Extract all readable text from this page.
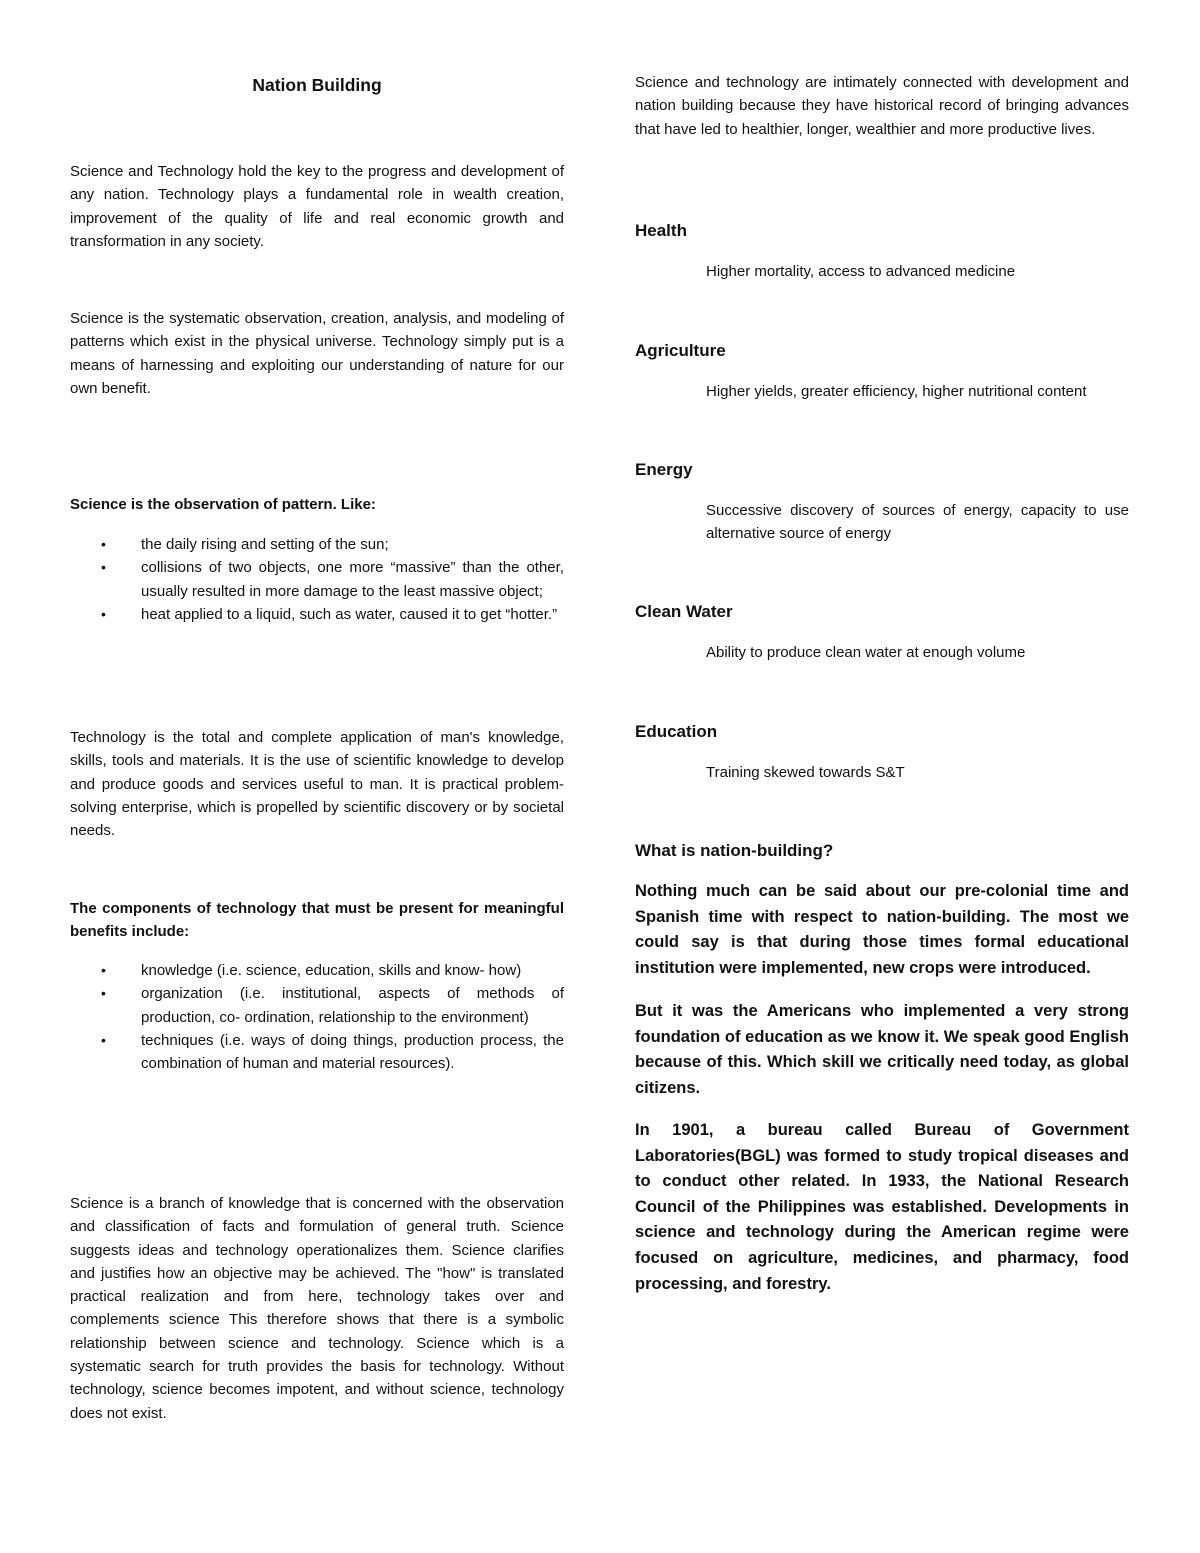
Nation Building

Science and Technology hold the key to the progress and development of any nation. Technology plays a fundamental role in wealth creation, improvement of the quality of life and real economic growth and transformation in any society.

Science is the systematic observation, creation, analysis, and modeling of patterns which exist in the physical universe. Technology simply put is a means of harnessing and exploiting our understanding of nature for our own benefit.

Science is the observation of pattern. Like:

• the daily rising and setting of the sun;
• collisions of two objects, one more “massive” than the other, usually resulted in more damage to the least massive object;
• heat applied to a liquid, such as water, caused it to get “hotter.”

Technology is the total and complete application of man's knowledge, skills, tools and materials. It is the use of scientific knowledge to develop and produce goods and services useful to man. It is practical problem-solving enterprise, which is propelled by scientific discovery or by societal needs.

The components of technology that must be present for meaningful benefits include:

• knowledge (i.e. science, education, skills and know- how)
• organization (i.e. institutional, aspects of methods of production, co- ordination, relationship to the environment)
• techniques (i.e. ways of doing things, production process, the combination of human and material resources).

Science is a branch of knowledge that is concerned with the observation and classification of facts and formulation of general truth. Science suggests ideas and technology operationalizes them. Science clarifies and justifies how an objective may be achieved. The "how" is translated practical realization and from here, technology takes over and complements science This therefore shows that there is a symbolic relationship between science and technology. Science which is a systematic search for truth provides the basis for technology. Without technology, science becomes impotent, and without science, technology does not exist.

Science and technology are intimately connected with development and nation building because they have historical record of bringing advances that have led to healthier, longer, wealthier and more productive lives.

Health

Higher mortality, access to advanced medicine

Agriculture

Higher yields, greater efficiency, higher nutritional content

Energy

Successive discovery of sources of energy, capacity to use alternative source of energy

Clean Water

Ability to produce clean water at enough volume

Education

Training skewed towards S&T

What is nation-building?

Nothing much can be said about our pre-colonial time and Spanish time with respect to nation-building. The most we could say is that during those times formal educational institution were implemented, new crops were introduced.

But it was the Americans who implemented a very strong foundation of education as we know it. We speak good English because of this. Which skill we critically need today, as global citizens.

In 1901, a bureau called Bureau of Government Laboratories(BGL) was formed to study tropical diseases and to conduct other related. In 1933, the National Research Council of the Philippines was established. Developments in science and technology during the American regime were focused on agriculture, medicines, and pharmacy, food processing, and forestry.
